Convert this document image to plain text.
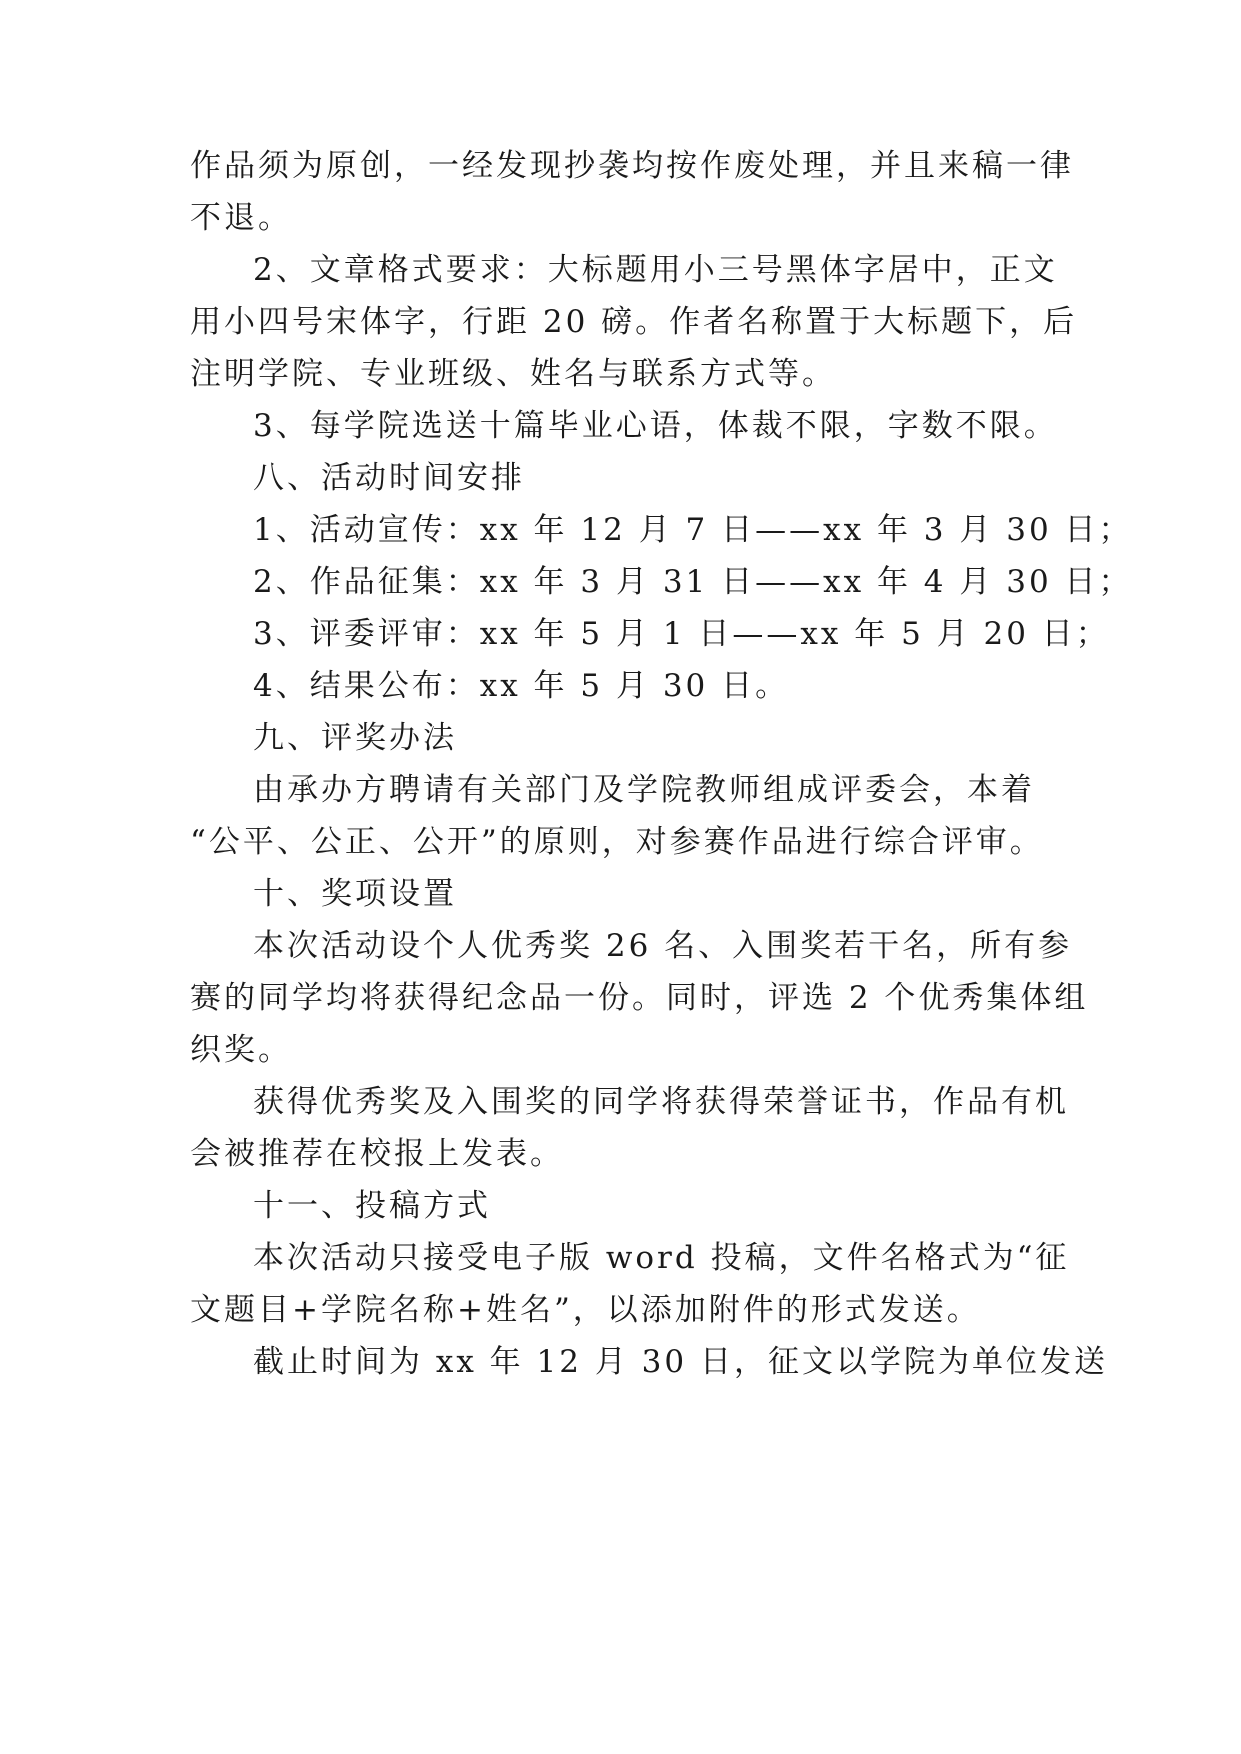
作品须为原创，一经发现抄袭均按作废处理，并且来稿一律
不退。
2、文章格式要求：大标题用小三号黑体字居中，正文
用小四号宋体字，行距 20 磅。作者名称置于大标题下，后
注明学院、专业班级、姓名与联系方式等。
3、每学院选送十篇毕业心语，体裁不限，字数不限。
八、活动时间安排
1、活动宣传：xx 年 12 月 7 日——xx 年 3 月 30 日；
2、作品征集：xx 年 3 月 31 日——xx 年 4 月 30 日；
3、评委评审：xx 年 5 月 1 日——xx 年 5 月 20 日；
4、结果公布：xx 年 5 月 30 日。
九、评奖办法
由承办方聘请有关部门及学院教师组成评委会，本着
“公平、公正、公开”的原则，对参赛作品进行综合评审。
十、奖项设置
本次活动设个人优秀奖 26 名、入围奖若干名，所有参
赛的同学均将获得纪念品一份。同时，评选 2 个优秀集体组
织奖。
获得优秀奖及入围奖的同学将获得荣誉证书，作品有机
会被推荐在校报上发表。
十一、投稿方式
本次活动只接受电子版 word 投稿，文件名格式为“征
文题目+学院名称+姓名”，以添加附件的形式发送。
截止时间为 xx 年 12 月 30 日，征文以学院为单位发送
